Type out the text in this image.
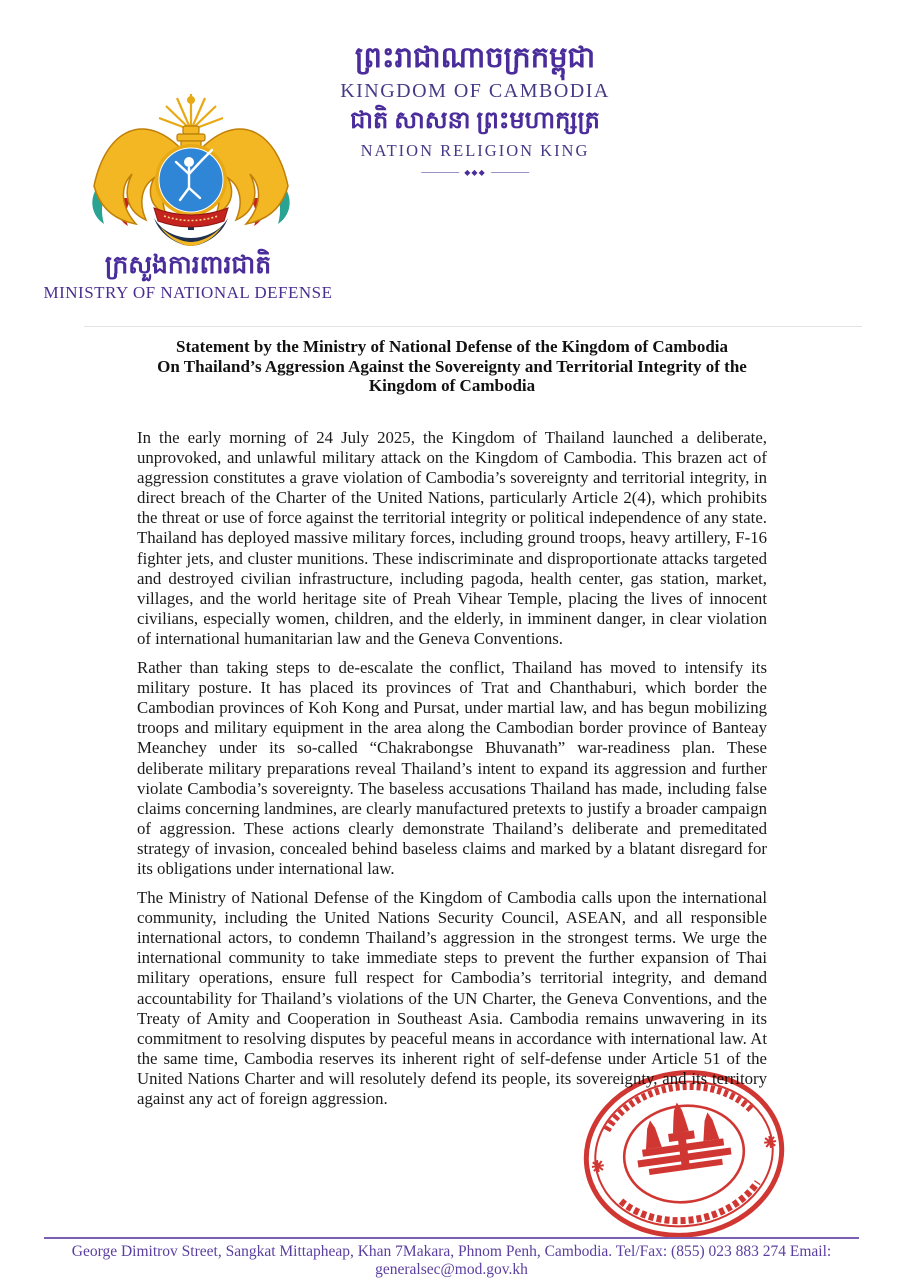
ព្រះរាជាណាចក្រកម្ពុជា
KINGDOM OF CAMBODIA
ជាតិ សាសនា ព្រះមហាក្សត្រ
NATION RELIGION KING
◆◆◆
ក្រសួងការពារជាតិ
MINISTRY OF NATIONAL DEFENSE
Statement by the Ministry of National Defense of the Kingdom of Cambodia
On Thailand’s Aggression Against the Sovereignty and Territorial Integrity of the
Kingdom of Cambodia

In the early morning of 24 July 2025, the Kingdom of Thailand launched a deliberate, unprovoked, and unlawful military attack on the Kingdom of Cambodia. This brazen act of aggression constitutes a grave violation of Cambodia’s sovereignty and territorial integrity, in direct breach of the Charter of the United Nations, particularly Article 2(4), which prohibits the threat or use of force against the territorial integrity or political independence of any state. Thailand has deployed massive military forces, including ground troops, heavy artillery, F-16 fighter jets, and cluster munitions. These indiscriminate and disproportionate attacks targeted and destroyed civilian infrastructure, including pagoda, health center, gas station, market, villages, and the world heritage site of Preah Vihear Temple, placing the lives of innocent civilians, especially women, children, and the elderly, in imminent danger, in clear violation of international humanitarian law and the Geneva Conventions.

Rather than taking steps to de-escalate the conflict, Thailand has moved to intensify its military posture. It has placed its provinces of Trat and Chanthaburi, which border the Cambodian provinces of Koh Kong and Pursat, under martial law, and has begun mobilizing troops and military equipment in the area along the Cambodian border province of Banteay Meanchey under its so-called “Chakrabongse Bhuvanath” war-readiness plan. These deliberate military preparations reveal Thailand’s intent to expand its aggression and further violate Cambodia’s sovereignty. The baseless accusations Thailand has made, including false claims concerning landmines, are clearly manufactured pretexts to justify a broader campaign of aggression. These actions clearly demonstrate Thailand’s deliberate and premeditated strategy of invasion, concealed behind baseless claims and marked by a blatant disregard for its obligations under international law.

The Ministry of National Defense of the Kingdom of Cambodia calls upon the international community, including the United Nations Security Council, ASEAN, and all responsible international actors, to condemn Thailand’s aggression in the strongest terms. We urge the international community to take immediate steps to prevent the further expansion of Thai military operations, ensure full respect for Cambodia’s territorial integrity, and demand accountability for Thailand’s violations of the UN Charter, the Geneva Conventions, and the Treaty of Amity and Cooperation in Southeast Asia. Cambodia remains unwavering in its commitment to resolving disputes by peaceful means in accordance with international law. At the same time, Cambodia reserves its inherent right of self-defense under Article 51 of the United Nations Charter and will resolutely defend its people, its sovereignty, and its territory against any act of foreign aggression.

George Dimitrov Street, Sangkat Mittapheap, Khan 7Makara, Phnom Penh, Cambodia. Tel/Fax: (855) 023 883 274 Email: generalsec@mod.gov.kh
